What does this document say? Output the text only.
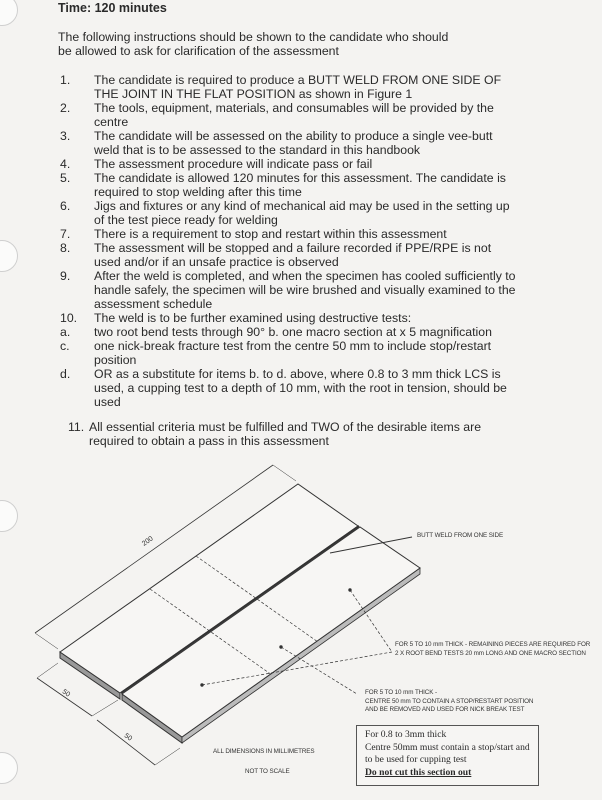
Time: 120 minutes
The following instructions should be shown to the candidate who should
be allowed to ask for clarification of the assessment
1.	The candidate is required to produce a BUTT WELD FROM ONE SIDE OF
THE JOINT IN THE FLAT POSITION as shown in Figure 1
2.	The tools, equipment, materials, and consumables will be provided by the
centre
3.	The candidate will be assessed on the ability to produce a single vee-butt
weld that is to be assessed to the standard in this handbook
4.	The assessment procedure will indicate pass or fail
5.	The candidate is allowed 120 minutes for this assessment. The candidate is
required to stop welding after this time
6.	Jigs and fixtures or any kind of mechanical aid may be used in the setting up
of the test piece ready for welding
7.	There is a requirement to stop and restart within this assessment
8.	The assessment will be stopped and a failure recorded if PPE/RPE is not
used and/or if an unsafe practice is observed
9.	After the weld is completed, and when the specimen has cooled sufficiently to
handle safely, the specimen will be wire brushed and visually examined to the
assessment schedule
10.	The weld is to be further examined using destructive tests:
a.	two root bend tests through 90° b. one macro section at x 5 magnification
c.	one nick-break fracture test from the centre 50 mm to include stop/restart
position
d.	OR as a substitute for items b. to d. above, where 0.8 to 3 mm thick LCS is
used, a cupping test to a depth of 10 mm, with the root in tension, should be
used
11. All essential criteria must be fulfilled and TWO of the desirable items are
required to obtain a pass in this assessment
200
50
50
BUTT WELD FROM ONE SIDE
FOR 5 TO 10 mm THICK - REMAINING PIECES ARE REQUIRED FOR
2 X ROOT BEND TESTS 20 mm LONG AND ONE MACRO SECTION
FOR 5 TO 10 mm THICK -
CENTRE 50 mm TO CONTAIN A STOP/RESTART POSITION
AND BE REMOVED AND USED FOR NICK BREAK TEST
ALL DIMENSIONS IN MILLIMETRES
NOT TO SCALE
For 0.8 to 3mm thick
Centre 50mm must contain a stop/start and
to be used for cupping test
Do not cut this section out
